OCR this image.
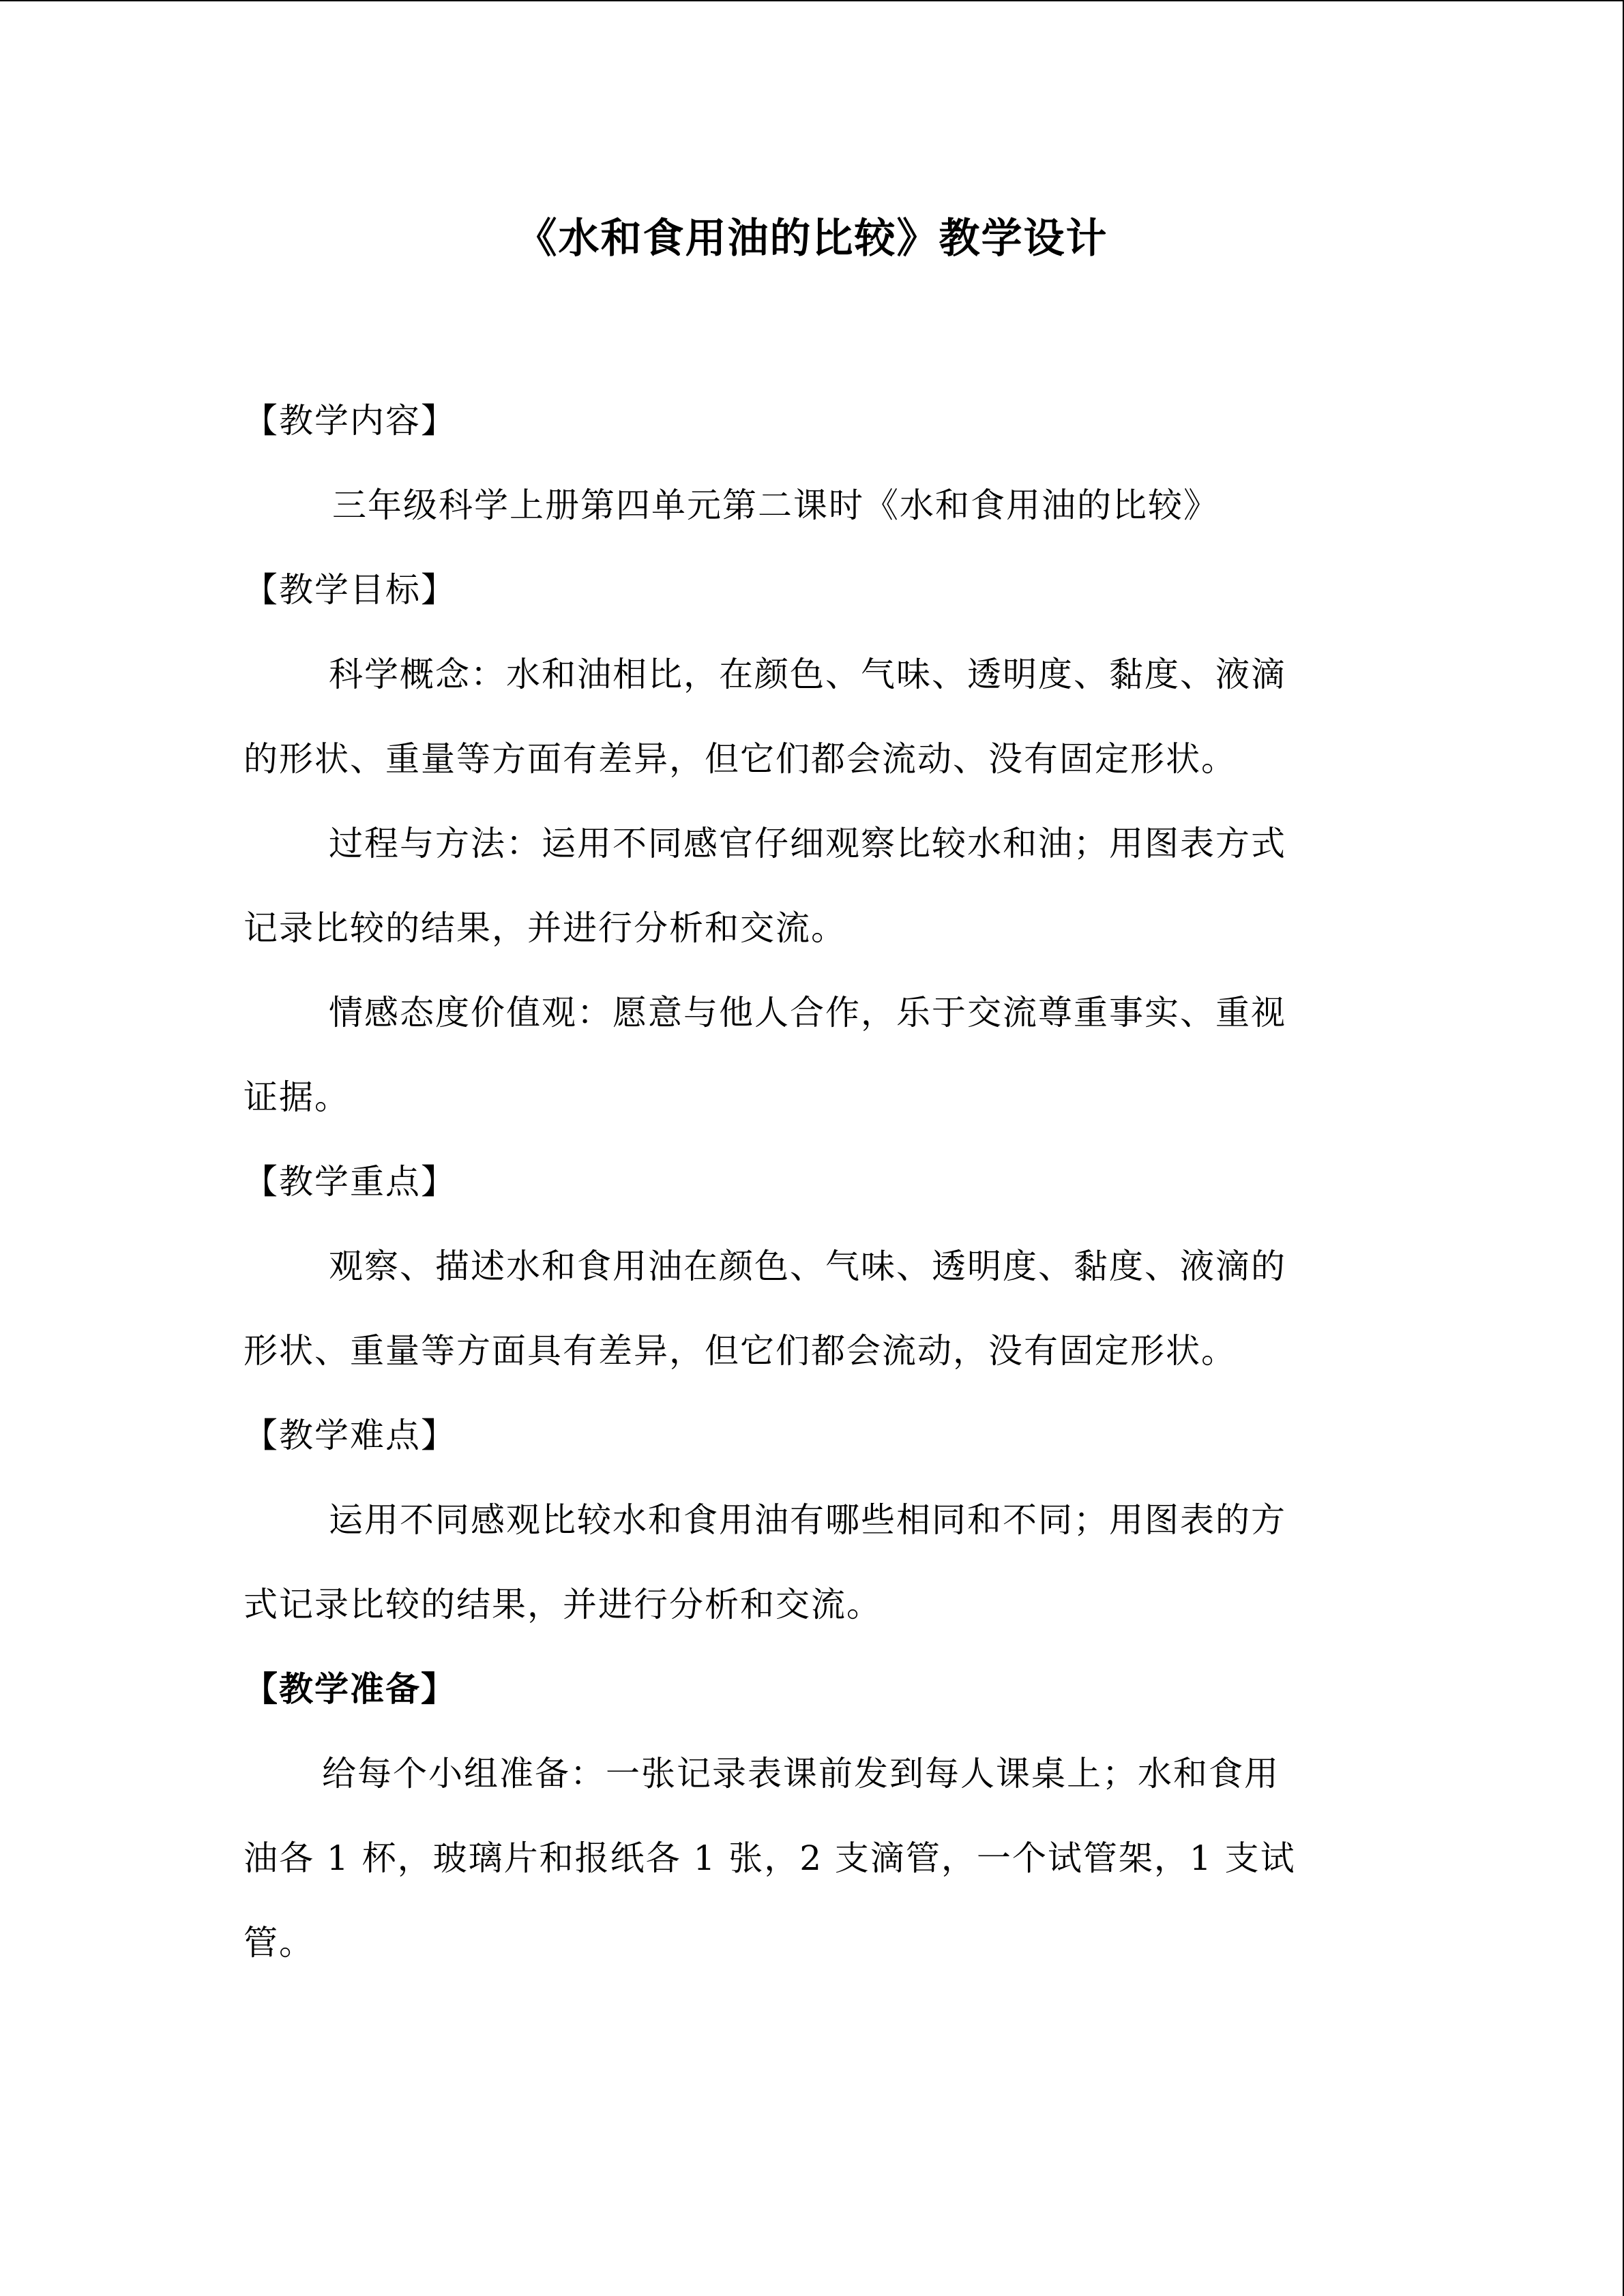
《水和食用油的比较》教学设计
【教学内容】
三年级科学上册第四单元第二课时《水和食用油的比较》
【教学目标】
科学概念：水和油相比，在颜色、气味、透明度、黏度、液滴
的形状、重量等方面有差异，但它们都会流动、没有固定形状。
过程与方法：运用不同感官仔细观察比较水和油；用图表方式
记录比较的结果，并进行分析和交流。
情感态度价值观：愿意与他人合作，乐于交流尊重事实、重视
证据。
【教学重点】
观察、描述水和食用油在颜色、气味、透明度、黏度、液滴的
形状、重量等方面具有差异，但它们都会流动，没有固定形状。
【教学难点】
运用不同感观比较水和食用油有哪些相同和不同；用图表的方
式记录比较的结果，并进行分析和交流。
【教学准备】
给每个小组准备：一张记录表课前发到每人课桌上；水和食用
油各 1 杯，玻璃片和报纸各 1 张，2 支滴管，一个试管架，1 支试
管。
